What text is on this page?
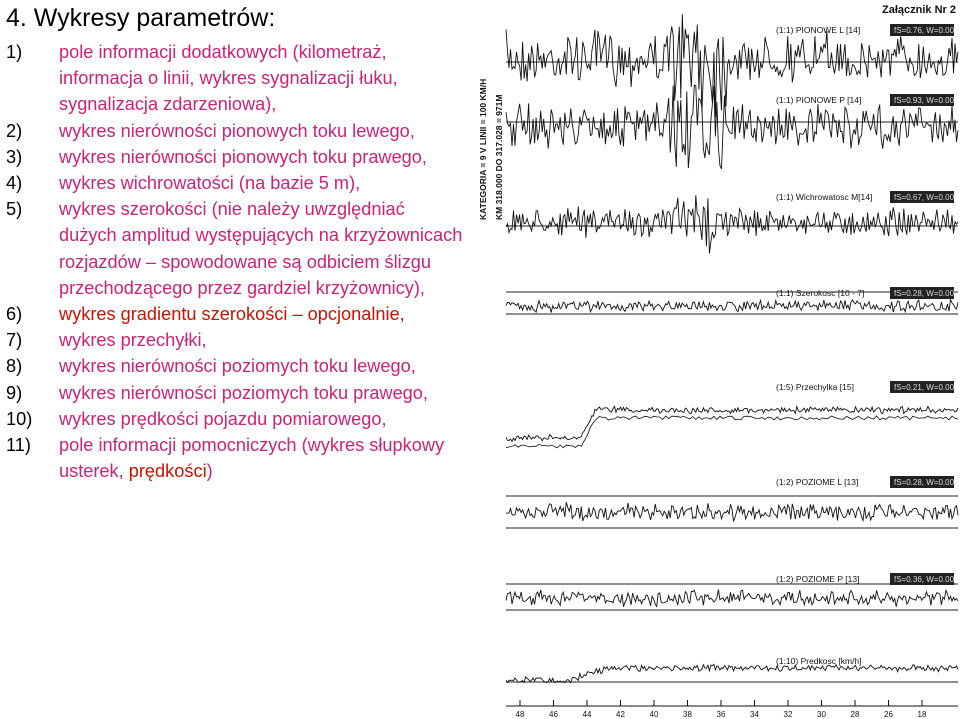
4. Wykresy parametrów:
1) pole informacji dodatkowych (kilometraż, informacja o linii, wykres sygnalizacji łuku, sygnalizacja zdarzeniowa),
2) wykres nierówności pionowych toku lewego,
3) wykres nierówności pionowych toku prawego,
4) wykres wichrowatości (na bazie 5 m),
5) wykres szerokości (nie należy uwzględniać dużych amplitud występujących na krzyżownicach rozjazdów – spowodowane są odbiciem ślizgu przechodzącego przez gardziel krzyżownicy),
6) wykres gradientu szerokości – opcjonalnie,
7) wykres przechyłki,
8) wykres nierówności poziomych toku lewego,
9) wykres nierówności poziomych toku prawego,
10) wykres prędkości pojazdu pomiarowego,
11) pole informacji pomocniczych (wykres słupkowy usterek, prędkości)
Załącznik Nr 2
KM 318.000 DO 317.028 = 971M
KATEGORIA = 9 V LINII = 100 KM/H
(1:1) PIONOWE L [14]	fS=0.76, W=0.00
(1:1) PIONOWE P [14]	fS=0.93, W=0.00
(1:1) Wichrowatosc M[14]	fS=0.67, W=0.00
(1:1) Szerokosc [10 - 7]	fS=0.28, W=0.00
(1:5) Przechylka [15]	fS=0.21, W=0.00
(1:2) POZIOME L [13]	fS=0.28, W=0.00
(1:2) POZIOME P [13]	fS=0.36, W=0.00
(1:10) Predkosc [km/h]
48	46	44	42	40	38	36	34	32	30	28	26	18
